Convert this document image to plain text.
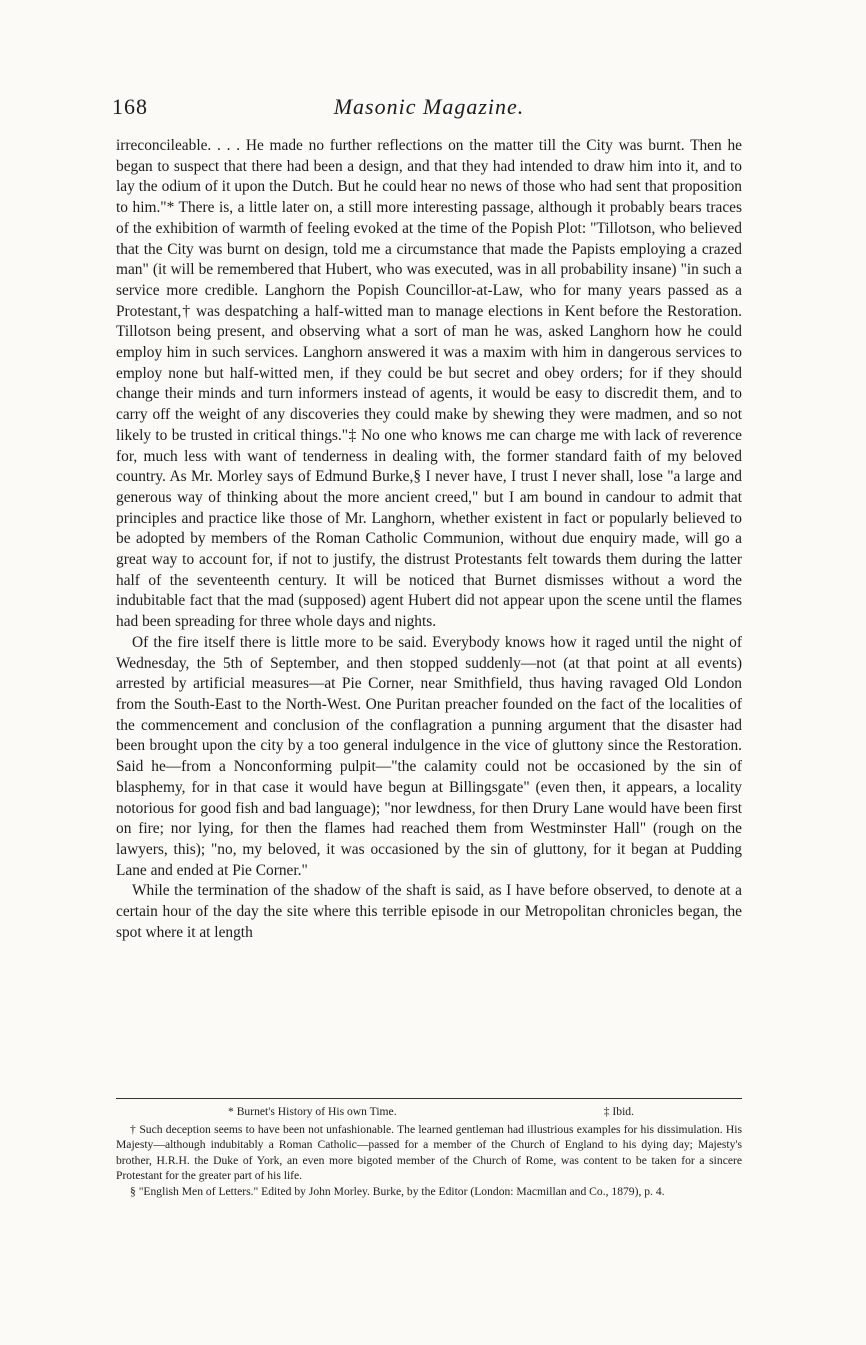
168	Masonic Magazine.

irreconcileable. . . . He made no further reflections on the matter till the City was burnt. Then he began to suspect that there had been a design, and that they had intended to draw him into it, and to lay the odium of it upon the Dutch. But he could hear no news of those who had sent that proposition to him."* There is, a little later on, a still more interesting passage, although it probably bears traces of the exhibition of warmth of feeling evoked at the time of the Popish Plot: "Tillotson, who believed that the City was burnt on design, told me a circumstance that made the Papists employing a crazed man" (it will be remembered that Hubert, who was executed, was in all probability insane) "in such a service more credible. Langhorn the Popish Councillor-at-Law, who for many years passed as a Protestant,† was despatching a half-witted man to manage elections in Kent before the Restoration. Tillotson being present, and observing what a sort of man he was, asked Langhorn how he could employ him in such services. Langhorn answered it was a maxim with him in dangerous services to employ none but half-witted men, if they could be but secret and obey orders; for if they should change their minds and turn informers instead of agents, it would be easy to discredit them, and to carry off the weight of any discoveries they could make by shewing they were madmen, and so not likely to be trusted in critical things."‡ No one who knows me can charge me with lack of reverence for, much less with want of tenderness in dealing with, the former standard faith of my beloved country. As Mr. Morley says of Edmund Burke,§ I never have, I trust I never shall, lose "a large and generous way of thinking about the more ancient creed," but I am bound in candour to admit that principles and practice like those of Mr. Langhorn, whether existent in fact or popularly believed to be adopted by members of the Roman Catholic Communion, without due enquiry made, will go a great way to account for, if not to justify, the distrust Protestants felt towards them during the latter half of the seventeenth century. It will be noticed that Burnet dismisses without a word the indubitable fact that the mad (supposed) agent Hubert did not appear upon the scene until the flames had been spreading for three whole days and nights.

Of the fire itself there is little more to be said. Everybody knows how it raged until the night of Wednesday, the 5th of September, and then stopped suddenly—not (at that point at all events) arrested by artificial measures—at Pie Corner, near Smithfield, thus having ravaged Old London from the South-East to the North-West. One Puritan preacher founded on the fact of the localities of the commencement and conclusion of the conflagration a punning argument that the disaster had been brought upon the city by a too general indulgence in the vice of gluttony since the Restoration. Said he—from a Nonconforming pulpit—"the calamity could not be occasioned by the sin of blasphemy, for in that case it would have begun at Billingsgate" (even then, it appears, a locality notorious for good fish and bad language); "nor lewdness, for then Drury Lane would have been first on fire; nor lying, for then the flames had reached them from Westminster Hall" (rough on the lawyers, this); "no, my beloved, it was occasioned by the sin of gluttony, for it began at Pudding Lane and ended at Pie Corner."

While the termination of the shadow of the shaft is said, as I have before observed, to denote at a certain hour of the day the site where this terrible episode in our Metropolitan chronicles began, the spot where it at length

* Burnet's History of His own Time.	‡ Ibid.

† Such deception seems to have been not unfashionable. The learned gentleman had illustrious examples for his dissimulation. His Majesty—although indubitably a Roman Catholic—passed for a member of the Church of England to his dying day; Majesty's brother, H.R.H. the Duke of York, an even more bigoted member of the Church of Rome, was content to be taken for a sincere Protestant for the greater part of his life.

§ "English Men of Letters." Edited by John Morley. Burke, by the Editor (London: Macmillan and Co., 1879), p. 4.
